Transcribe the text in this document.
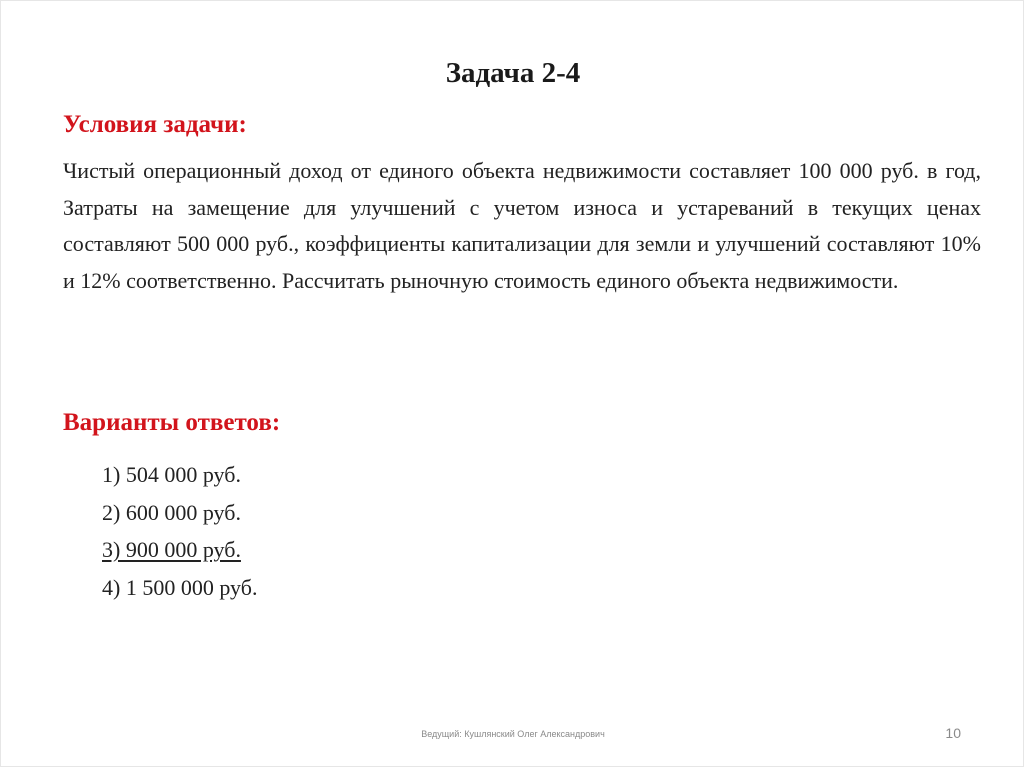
Задача 2-4
Условия задачи:
Чистый операционный доход от единого объекта недвижимости составляет 100 000 руб. в год, Затраты на замещение для улучшений с учетом износа и устареваний в текущих ценах составляют 500 000 руб., коэффициенты капитализации для земли и улучшений составляют 10% и 12% соответственно. Рассчитать рыночную стоимость единого объекта недвижимости.
Варианты ответов:
1) 504 000 руб.
2) 600 000 руб.
3) 900 000 руб.
4) 1 500 000 руб.
Ведущий: Кушлянский Олег Александрович	10
